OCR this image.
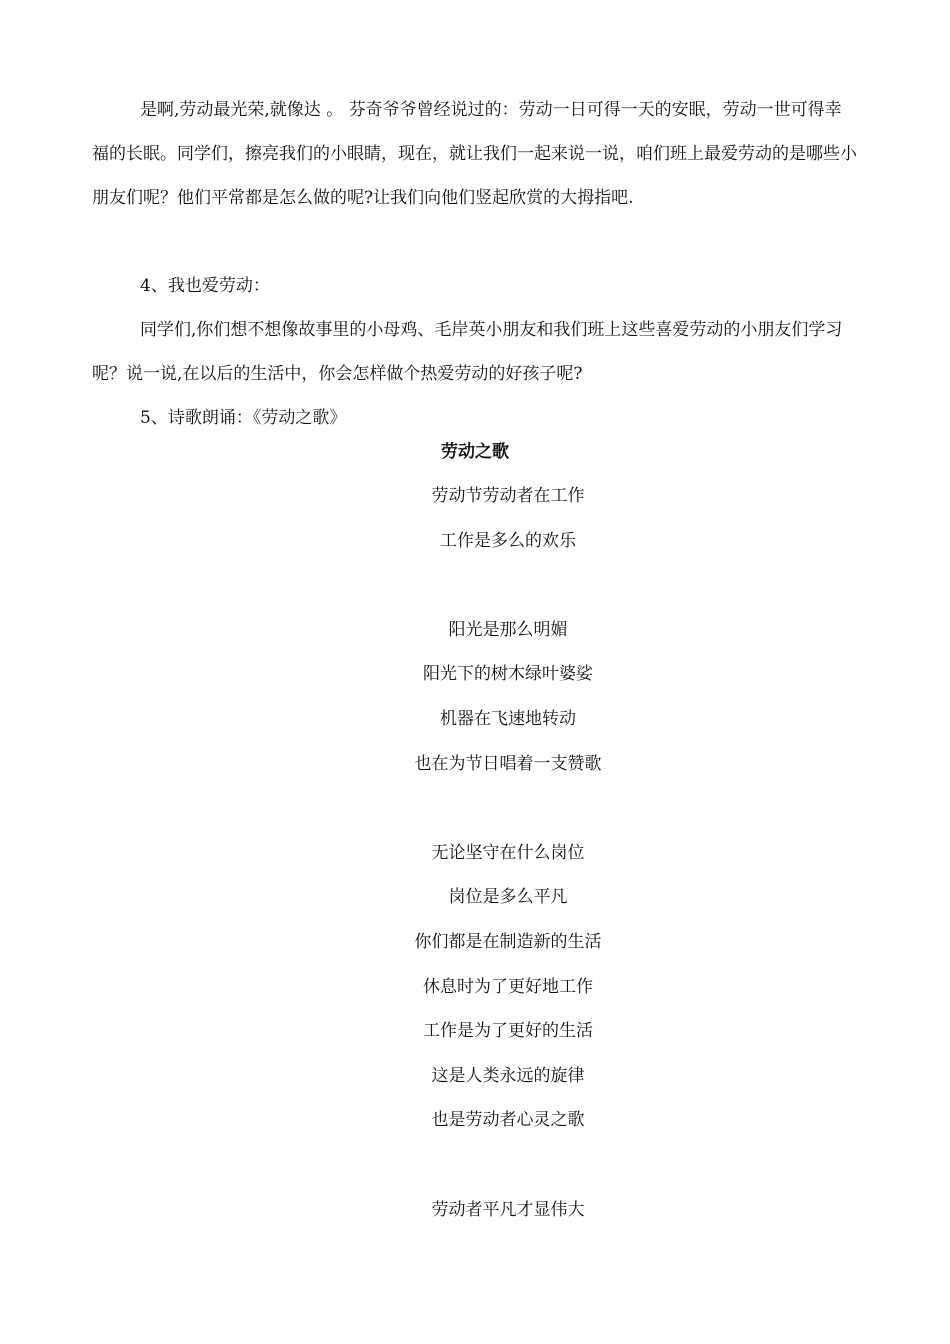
是啊,劳动最光荣,就像达 。 芬奇爷爷曾经说过的：劳动一日可得一天的安眠，劳动一世可得幸福的长眠。同学们，擦亮我们的小眼睛，现在，就让我们一起来说一说，咱们班上最爱劳动的是哪些小朋友们呢？他们平常都是怎么做的呢?让我们向他们竖起欣赏的大拇指吧.

4、我也爱劳动：

同学们,你们想不想像故事里的小母鸡、毛岸英小朋友和我们班上这些喜爱劳动的小朋友们学习呢？说一说,在以后的生活中，你会怎样做个热爱劳动的好孩子呢?

5、诗歌朗诵：《劳动之歌》

劳动之歌

劳动节劳动者在工作
工作是多么的欢乐
阳光是那么明媚
阳光下的树木绿叶婆娑
机器在飞速地转动
也在为节日唱着一支赞歌
无论坚守在什么岗位
岗位是多么平凡
你们都是在制造新的生活
休息时为了更好地工作
工作是为了更好的生活
这是人类永远的旋律
也是劳动者心灵之歌
劳动者平凡才显伟大
